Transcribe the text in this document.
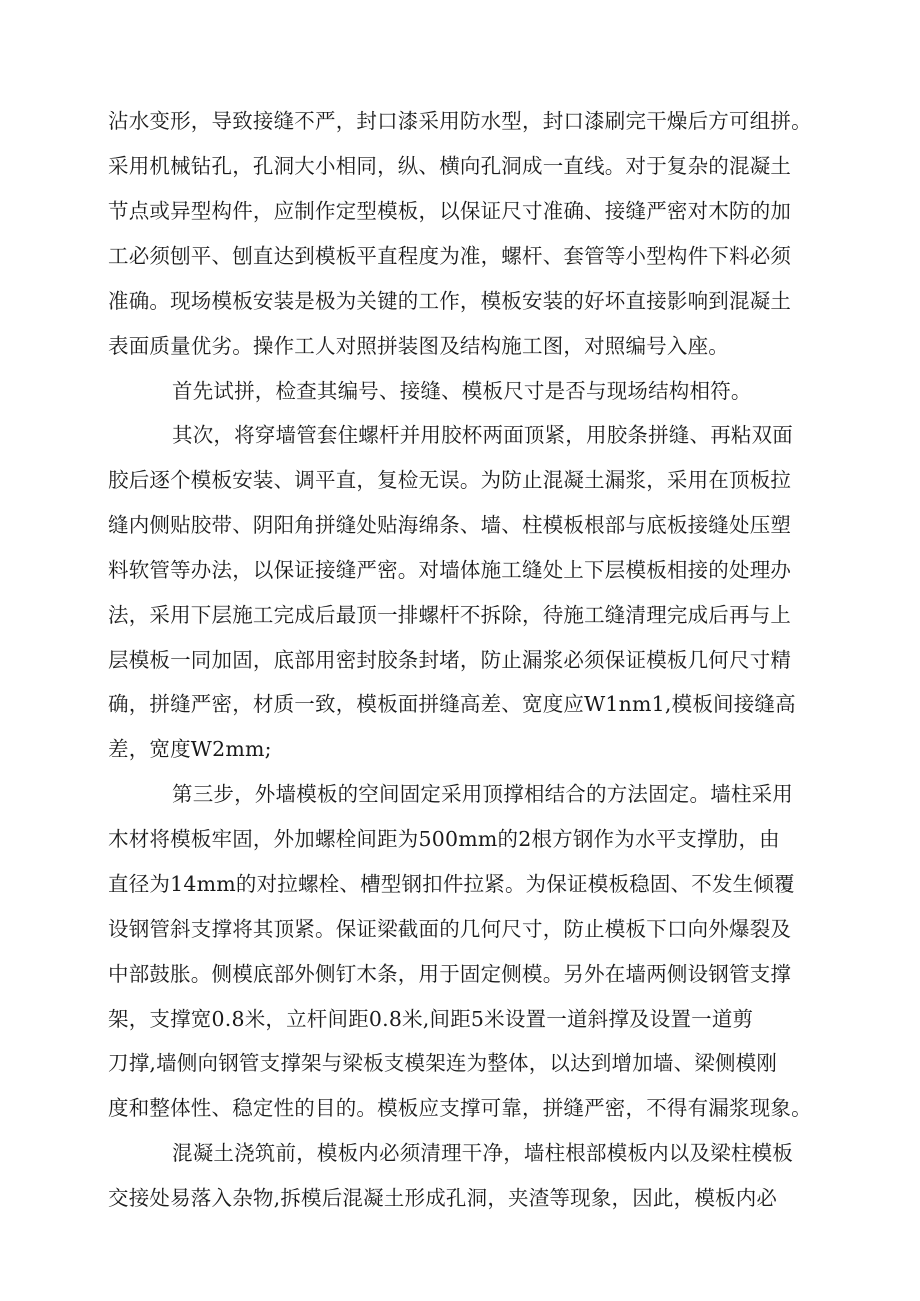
沾水变形，导致接缝不严，封口漆采用防水型，封口漆刷完干燥后方可组拼。
采用机械钻孔，孔洞大小相同，纵、横向孔洞成一直线。对于复杂的混凝土
节点或异型构件，应制作定型模板，以保证尺寸准确、接缝严密对木防的加
工必须刨平、刨直达到模板平直程度为准，螺杆、套管等小型构件下料必须
准确。现场模板安装是极为关键的工作，模板安装的好坏直接影响到混凝土
表面质量优劣。操作工人对照拼装图及结构施工图，对照编号入座。
首先试拼，检查其编号、接缝、模板尺寸是否与现场结构相符。
其次，将穿墙管套住螺杆并用胶杯两面顶紧，用胶条拼缝、再粘双面
胶后逐个模板安装、调平直，复检无误。为防止混凝土漏浆，采用在顶板拉
缝内侧贴胶带、阴阳角拼缝处贴海绵条、墙、柱模板根部与底板接缝处压塑
料软管等办法，以保证接缝严密。对墙体施工缝处上下层模板相接的处理办
法，采用下层施工完成后最顶一排螺杆不拆除，待施工缝清理完成后再与上
层模板一同加固，底部用密封胶条封堵，防止漏浆必须保证模板几何尺寸精
确，拼缝严密，材质一致，模板面拼缝高差、宽度应W1nm1,模板间接缝高
差，宽度W2mm;
第三步，外墙模板的空间固定采用顶撑相结合的方法固定。墙柱采用
木材将模板牢固，外加螺栓间距为500mm的2根方钢作为水平支撑肋，由
直径为14mm的对拉螺栓、槽型钢扣件拉紧。为保证模板稳固、不发生倾覆
设钢管斜支撑将其顶紧。保证梁截面的几何尺寸，防止模板下口向外爆裂及
中部鼓胀。侧模底部外侧钉木条，用于固定侧模。另外在墙两侧设钢管支撑
架，支撑宽0.8米，立杆间距0.8米,间距5米设置一道斜撑及设置一道剪
刀撑,墙侧向钢管支撑架与梁板支模架连为整体，以达到增加墙、梁侧模刚
度和整体性、稳定性的目的。模板应支撑可靠，拼缝严密，不得有漏浆现象。
混凝土浇筑前，模板内必须清理干净，墙柱根部模板内以及梁柱模板
交接处易落入杂物,拆模后混凝土形成孔洞，夹渣等现象，因此，模板内必
